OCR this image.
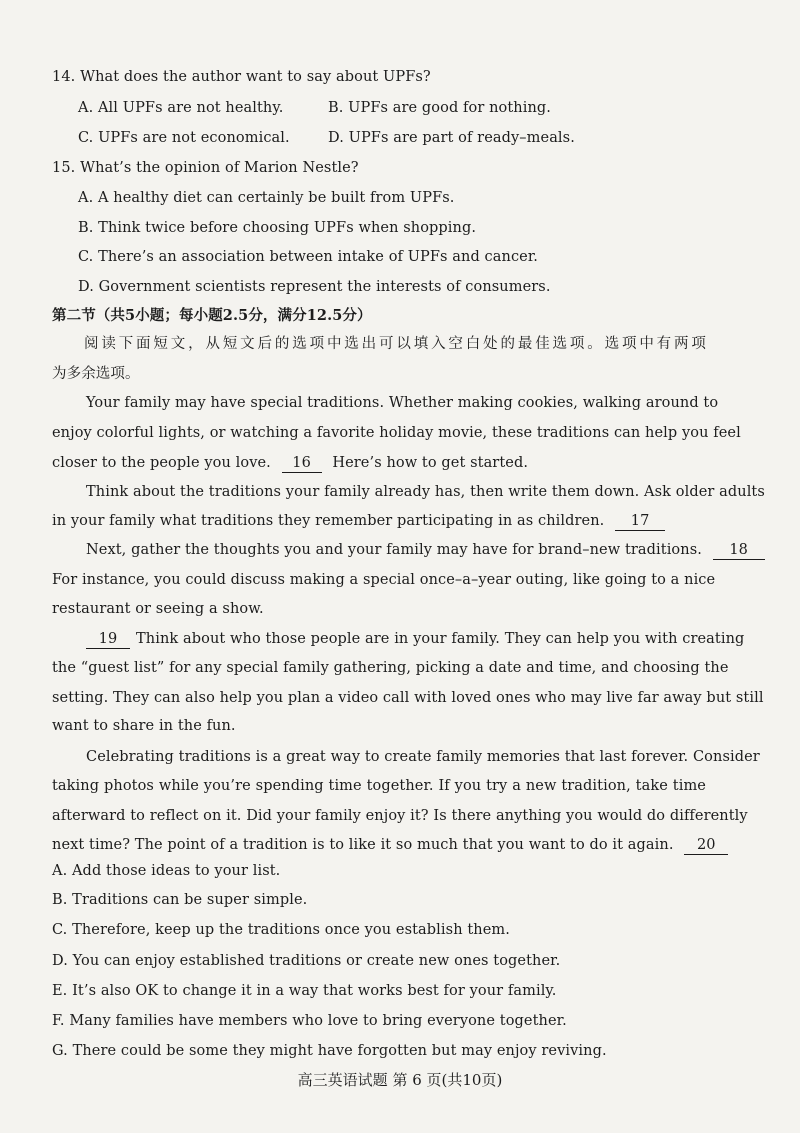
14. What does the author want to say about UPFs?
A. All UPFs are not healthy.	B. UPFs are good for nothing.
C. UPFs are not economical.	D. UPFs are part of ready–meals.
15. What’s the opinion of Marion Nestle?
A. A healthy diet can certainly be built from UPFs.
B. Think twice before choosing UPFs when shopping.
C. There’s an association between intake of UPFs and cancer.
D. Government scientists represent the interests of consumers.
第二节（共5小题；每小题2.5分，满分12.5分）
阅读下面短文，从短文后的选项中选出可以填入空白处的最佳选项。选项中有两项
为多余选项。
Your family may have special traditions. Whether making cookies, walking around to
enjoy colorful lights, or watching a favorite holiday movie, these traditions can help you feel
closer to the people you love. 16 Here’s how to get started.
Think about the traditions your family already has, then write them down. Ask older adults
in your family what traditions they remember participating in as children. 17
Next, gather the thoughts you and your family may have for brand–new traditions. 18
For instance, you could discuss making a special once–a–year outing, like going to a nice
restaurant or seeing a show.
19 Think about who those people are in your family. They can help you with creating
the “guest list” for any special family gathering, picking a date and time, and choosing the
setting. They can also help you plan a video call with loved ones who may live far away but still
want to share in the fun.
Celebrating traditions is a great way to create family memories that last forever. Consider
taking photos while you’re spending time together. If you try a new tradition, take time
afterward to reflect on it. Did your family enjoy it? Is there anything you would do differently
next time? The point of a tradition is to like it so much that you want to do it again. 20
A. Add those ideas to your list.
B. Traditions can be super simple.
C. Therefore, keep up the traditions once you establish them.
D. You can enjoy established traditions or create new ones together.
E. It’s also OK to change it in a way that works best for your family.
F. Many families have members who love to bring everyone together.
G. There could be some they might have forgotten but may enjoy reviving.
高三英语试题 第 6 页(共10页)
